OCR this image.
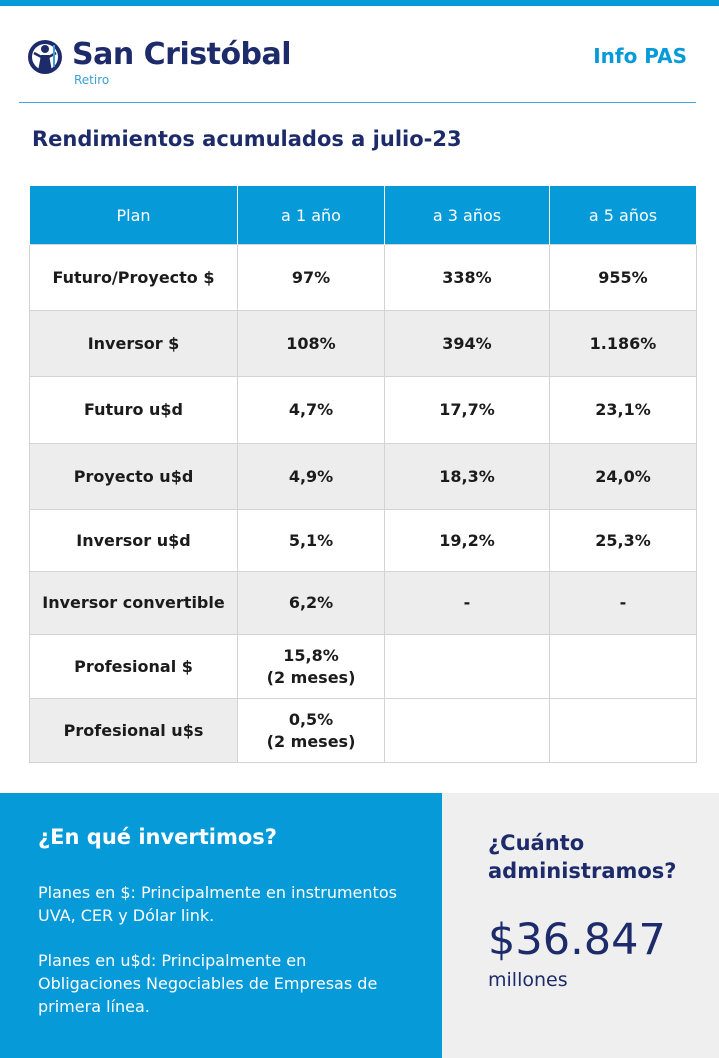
San Cristóbal
Retiro
Info PAS
Rendimientos acumulados a julio-23
Plan	a 1 año	a 3 años	a 5 años
Futuro/Proyecto $	97%	338%	955%
Inversor $	108%	394%	1.186%
Futuro u$d	4,7%	17,7%	23,1%
Proyecto u$d	4,9%	18,3%	24,0%
Inversor u$d	5,1%	19,2%	25,3%
Inversor convertible	6,2%	-	-
Profesional $	15,8%
(2 meses)		

Profesional u$s	0,5%
(2 meses)		

¿En qué invertimos?

Planes en $: Principalmente en instrumentos UVA, CER y Dólar link.

Planes en u$d: Principalmente en Obligaciones Negociables de Empresas de primera línea.

¿Cuánto administramos?
$36.847
millones
